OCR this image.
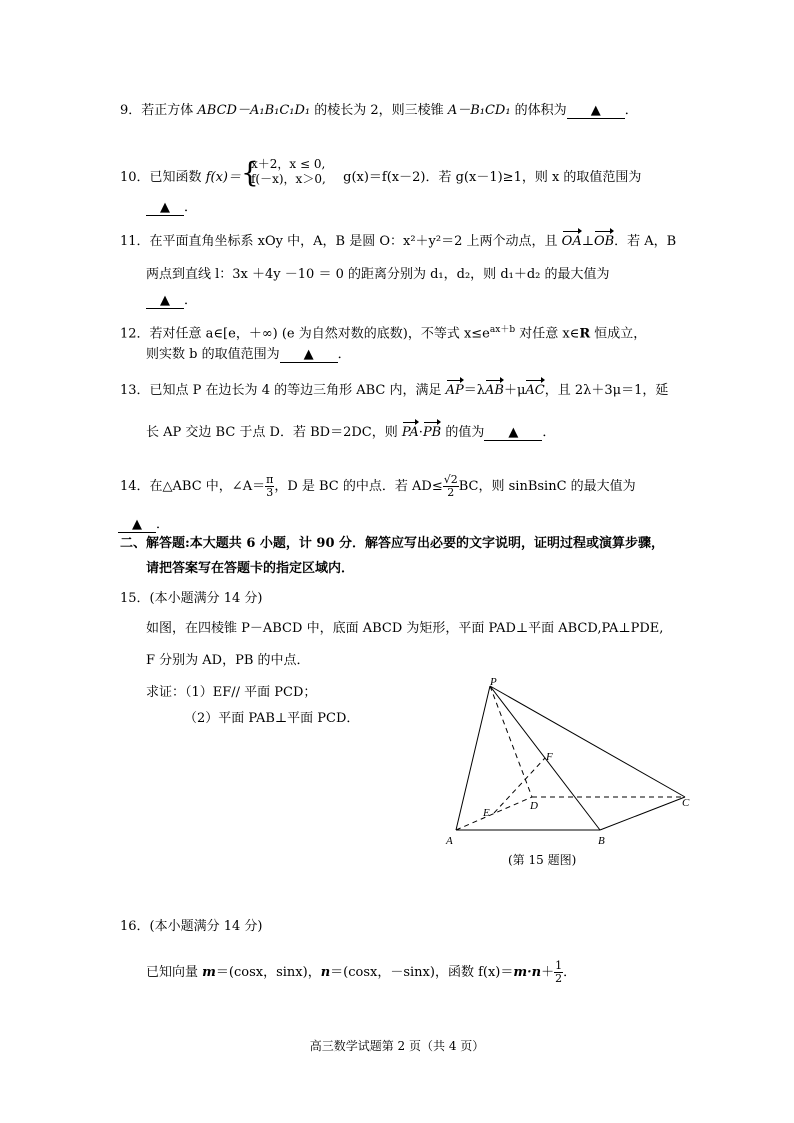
9．若正方体 ABCD－A₁B₁C₁D₁ 的棱长为 2，则三棱锥 A－B₁CD₁ 的体积为 ▲ ．
10．已知函数 f(x)＝ {
x＋2，x ≤ 0,
f(－x)，x＞0, g(x)＝f(x－2)．若 g(x－1)≥1，则 x 的取值范围为
▲ ．
11．在平面直角坐标系 xOy 中，A，B 是圆 O：x²＋y²＝2 上两个动点，且 OA⊥OB．若 A，B
两点到直线 l：3x ＋4y －10 ＝ 0 的距离分别为 d₁，d₂，则 d₁＋d₂ 的最大值为
▲ ．
12．若对任意 a∈[e，＋∞) (e 为自然对数的底数)，不等式 $x\le e^{ax+b}$ 对任意 x∈R 恒成立，
则实数 b 的取值范围为 ▲ ．
13．已知点 P 在边长为 4 的等边三角形 ABC 内，满足 AP＝λAB＋μAC，且 2λ＋3μ＝1，延
长 AP 交边 BC 于点 D．若 BD＝2DC，则 PA·PB 的值为 ▲ ．
14．在△ABC 中，∠A＝ $\frac{\pi}{3}$ ，D 是 BC 的中点．若 $AD\le \frac{√2}{2}$ BC，则 sinBsinC 的最大值为
▲ ．
二、解答题:本大题共 6 小题，计 90 分．解答应写出必要的文字说明，证明过程或演算步骤，
请把答案写在答题卡的指定区域内．
15．(本小题满分 14 分)
如图，在四棱锥 P－ABCD 中，底面 ABCD 为矩形，平面 PAD⊥平面 ABCD,PA⊥PDE,
F 分别为 AD，PB 的中点．
求证：（1）EF// 平面 PCD；
（2）平面 PAB⊥平面 PCD．
P
F
D	C
E
A	B
(第 15 题图)
16．(本小题满分 14 分)
已知向量 m＝(cosx，sinx)，n＝(cosx，－sinx)，函数 $f(x)=m\cdot n+ \frac{1}{2}$ ．
高三数学试题第 2 页（共 4 页）
